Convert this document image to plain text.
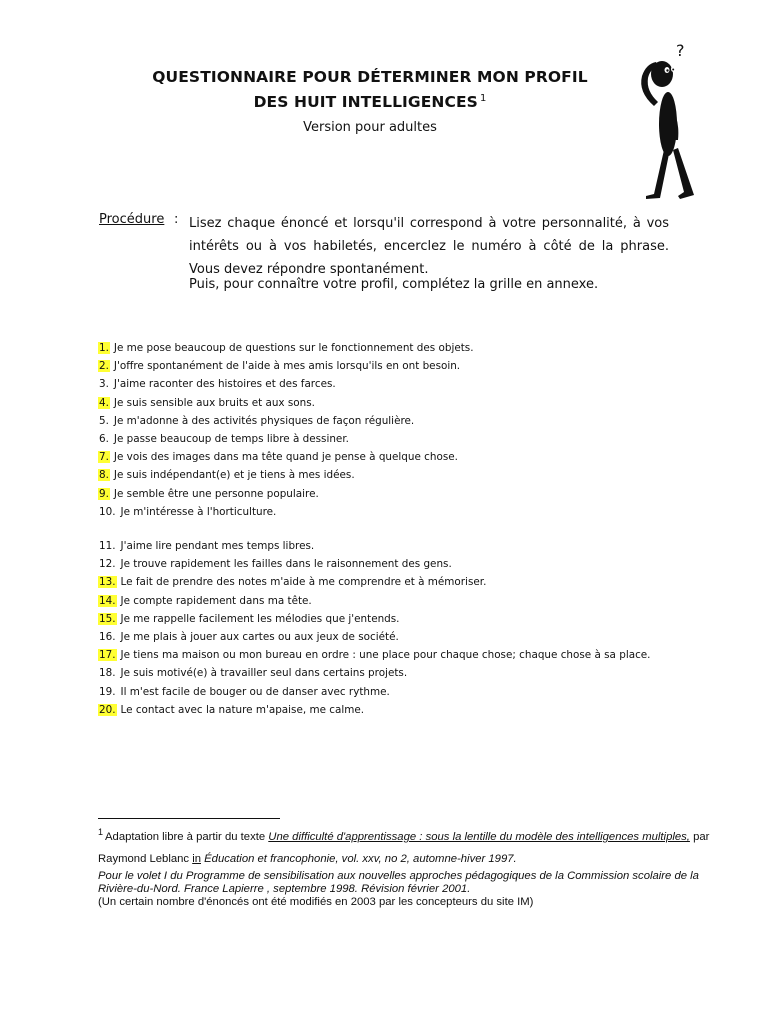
QUESTIONNAIRE POUR DÉTERMINER MON PROFIL
DES HUIT INTELLIGENCES $^1$
Version pour adultes
?
Procédure : Lisez chaque énoncé et lorsqu'il correspond à votre personnalité, à vos intérêts ou à vos habiletés, encerclez le numéro à côté de la phrase. Vous devez répondre spontanément.
Puis, pour connaître votre profil, complétez la grille en annexe.
1. Je me pose beaucoup de questions sur le fonctionnement des objets.
2. J'offre spontanément de l'aide à mes amis lorsqu'ils en ont besoin.
3. J'aime raconter des histoires et des farces.
4. Je suis sensible aux bruits et aux sons.
5. Je m'adonne à des activités physiques de façon régulière.
6. Je passe beaucoup de temps libre à dessiner.
7. Je vois des images dans ma tête quand je pense à quelque chose.
8. Je suis indépendant(e) et je tiens à mes idées.
9. Je semble être une personne populaire.
10. Je m'intéresse à l'horticulture.
11. J'aime lire pendant mes temps libres.
12. Je trouve rapidement les failles dans le raisonnement des gens.
13. Le fait de prendre des notes m'aide à me comprendre et à mémoriser.
14. Je compte rapidement dans ma tête.
15. Je me rappelle facilement les mélodies que j'entends.
16. Je me plais à jouer aux cartes ou aux jeux de société.
17. Je tiens ma maison ou mon bureau en ordre : une place pour chaque chose; chaque chose à sa place.
18. Je suis motivé(e) à travailler seul dans certains projets.
19. Il m'est facile de bouger ou de danser avec rythme.
20. Le contact avec la nature m'apaise, me calme.
$^1$ Adaptation libre à partir du texte Une difficulté d'apprentissage : sous la lentille du modèle des intelligences multiples, par Raymond Leblanc in Éducation et francophonie, vol. xxv, no 2, automne-hiver 1997.
Pour le volet I du Programme de sensibilisation aux nouvelles approches pédagogiques de la Commission scolaire de la
Rivière-du-Nord. France Lapierre , septembre 1998. Révision février 2001.
(Un certain nombre d'énoncés ont été modifiés en 2003 par les concepteurs du site IM)
